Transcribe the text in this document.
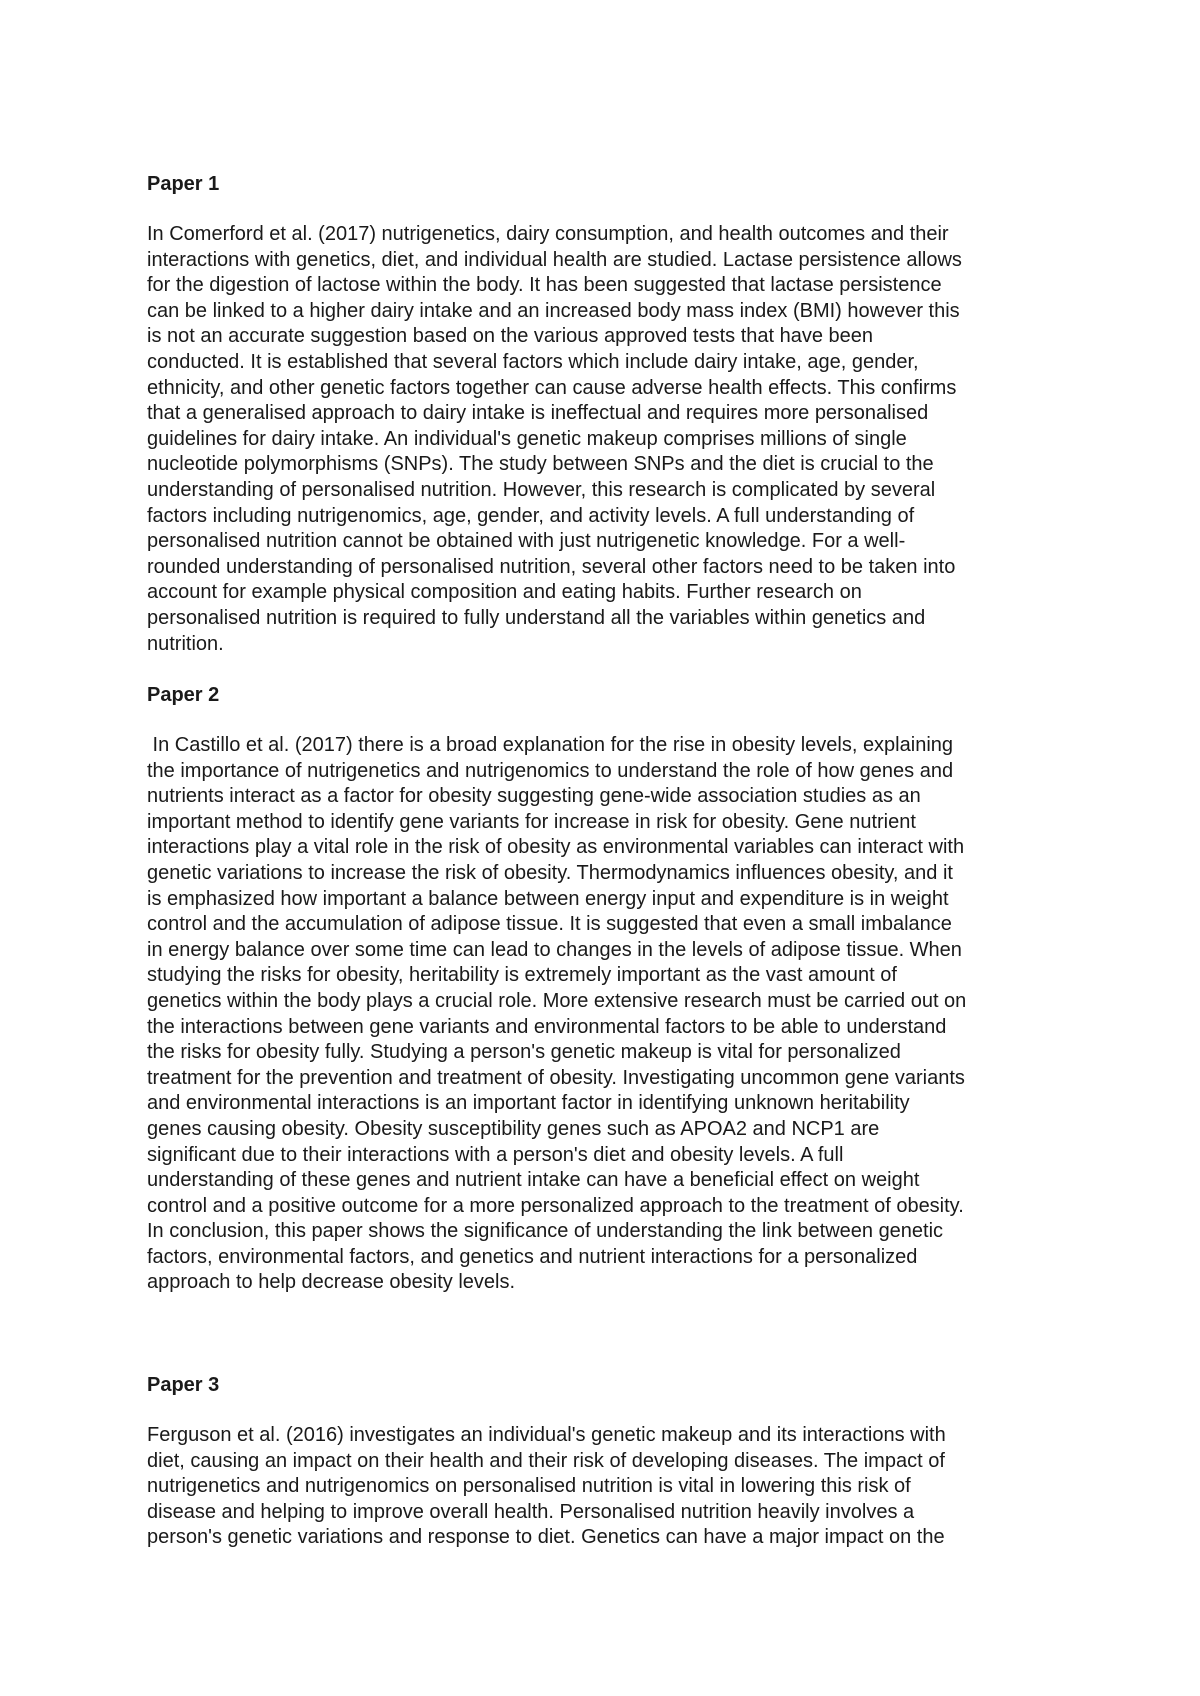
Paper 1
In Comerford et al. (2017) nutrigenetics, dairy consumption, and health outcomes and their
interactions with genetics, diet, and individual health are studied. Lactase persistence allows
for the digestion of lactose within the body. It has been suggested that lactase persistence
can be linked to a higher dairy intake and an increased body mass index (BMI) however this
is not an accurate suggestion based on the various approved tests that have been
conducted. It is established that several factors which include dairy intake, age, gender,
ethnicity, and other genetic factors together can cause adverse health effects. This confirms
that a generalised approach to dairy intake is ineffectual and requires more personalised
guidelines for dairy intake. An individual's genetic makeup comprises millions of single
nucleotide polymorphisms (SNPs). The study between SNPs and the diet is crucial to the
understanding of personalised nutrition. However, this research is complicated by several
factors including nutrigenomics, age, gender, and activity levels. A full understanding of
personalised nutrition cannot be obtained with just nutrigenetic knowledge. For a well-
rounded understanding of personalised nutrition, several other factors need to be taken into
account for example physical composition and eating habits. Further research on
personalised nutrition is required to fully understand all the variables within genetics and
nutrition.
Paper 2
In Castillo et al. (2017) there is a broad explanation for the rise in obesity levels, explaining
the importance of nutrigenetics and nutrigenomics to understand the role of how genes and
nutrients interact as a factor for obesity suggesting gene-wide association studies as an
important method to identify gene variants for increase in risk for obesity. Gene nutrient
interactions play a vital role in the risk of obesity as environmental variables can interact with
genetic variations to increase the risk of obesity. Thermodynamics influences obesity, and it
is emphasized how important a balance between energy input and expenditure is in weight
control and the accumulation of adipose tissue. It is suggested that even a small imbalance
in energy balance over some time can lead to changes in the levels of adipose tissue. When
studying the risks for obesity, heritability is extremely important as the vast amount of
genetics within the body plays a crucial role. More extensive research must be carried out on
the interactions between gene variants and environmental factors to be able to understand
the risks for obesity fully. Studying a person's genetic makeup is vital for personalized
treatment for the prevention and treatment of obesity. Investigating uncommon gene variants
and environmental interactions is an important factor in identifying unknown heritability
genes causing obesity. Obesity susceptibility genes such as APOA2 and NCP1 are
significant due to their interactions with a person's diet and obesity levels. A full
understanding of these genes and nutrient intake can have a beneficial effect on weight
control and a positive outcome for a more personalized approach to the treatment of obesity.
In conclusion, this paper shows the significance of understanding the link between genetic
factors, environmental factors, and genetics and nutrient interactions for a personalized
approach to help decrease obesity levels.
Paper 3
Ferguson et al. (2016) investigates an individual's genetic makeup and its interactions with
diet, causing an impact on their health and their risk of developing diseases. The impact of
nutrigenetics and nutrigenomics on personalised nutrition is vital in lowering this risk of
disease and helping to improve overall health. Personalised nutrition heavily involves a
person's genetic variations and response to diet. Genetics can have a major impact on the
